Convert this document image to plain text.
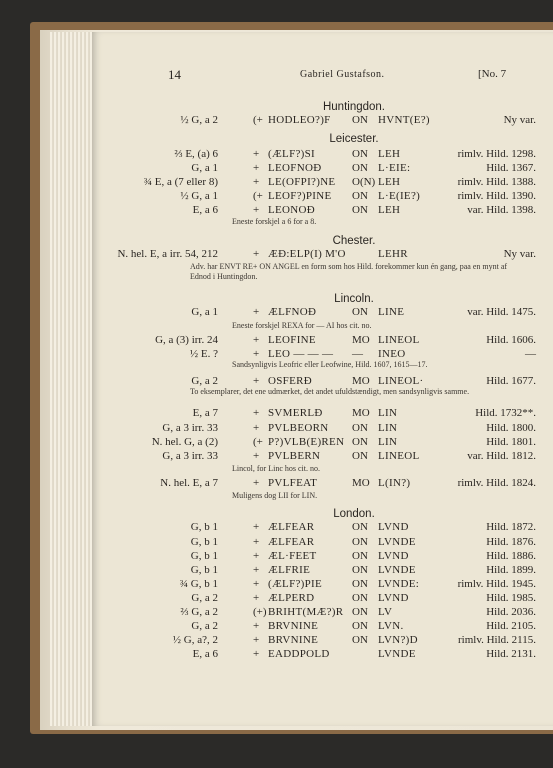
14	Gabriel Gustafson.	[No. 7
Huntingdon.
Leicester.
Chester.
Lincoln.
London.
½ G, a 2	(+ HODLEO?)F ON HVNT(E?)	Ny var.
⅔ E, (a) 6	+ (ÆLF?)SI	ON LEH	rimlv. Hild. 1298.
G, a 1	+ LEOFNOÐ	ON L·EIE:	Hild. 1367.
¾ E, a (7 eller 8)	+ LE(OFPI?)NE O(N) LEH	rimlv. Hild. 1388.
½ G, a 1	(+ LEOF?)PINE ON L·E(IE?)	rimlv. Hild. 1390.
E, a 6	+ LEONOÐ	ON LEH	var. Hild. 1398.
N. hel. E, a irr. 54, 212	+ ÆÐ:ELP(I) M'O	LEHR	Ny var.
G, a 1	+ ÆLFNOÐ	ON LINE	var. Hild. 1475.
G, a (3) irr. 24	+ LEOFINE	MO LINEOL	Hild. 1606.
½ E. ?	+ LEO — — — — INEO	—
G, a 2	+ OSFERÐ	MO LINEOL·	Hild. 1677.
E, a 7	+ SVMERLÐ	MO LIN	Hild. 1732**.
G, a 3 irr. 33	+ PVLBEORN ON LIN	Hild. 1800.
N. hel. G, a (2)	(+ P?)VLB(E)REN ON LIN	Hild. 1801.
G, a 3 irr. 33	+ PVLBERN	ON LINEOL	var. Hild. 1812.
N. hel. E, a 7	+ PVLFEAT	MO L(IN?)	rimlv. Hild. 1824.
G, b 1	+ ÆLFEAR	ON LVND	Hild. 1872.
G, b 1	+ ÆLFEAR	ON LVNDE	Hild. 1876.
G, b 1	+ ÆL·FEET	ON LVND	Hild. 1886.
G, b 1	+ ÆLFRIE	ON LVNDE	Hild. 1899.
¾ G, b 1	+ (ÆLF?)PIE	ON LVNDE:	rimlv. Hild. 1945.
G, a 2	+ ÆLPERD	ON LVND	Hild. 1985.
⅔ G, a 2	(+) BRIHT(MÆ?)R ON LV	Hild. 2036.
G, a 2	+ BRVNINE	ON LVN.	Hild. 2105.
½ G, a?, 2	+ BRVNINE	ON LVN?)D	rimlv. Hild. 2115.
E, a 6	+ EADDPOLD	LVNDE	Hild. 2131.
Eneste forskjel a 6 for a 8.
Adv. har ENVT RE+ ON ANGEL en form som hos Hild. forekommer kun én gang, paa en mynt af Ednod i Huntingdon.
Eneste forskjel REXA for — AI hos cit. no.
Sandsynligvis Leofric eller Leofwine, Hild. 1607, 1615—17.
To eksemplarer, det ene udmærket, det andet ufuldstændigt, men sandsynligvis samme.
Lincol, for Linc hos cit. no.
Muligens dog LII for LIN.
